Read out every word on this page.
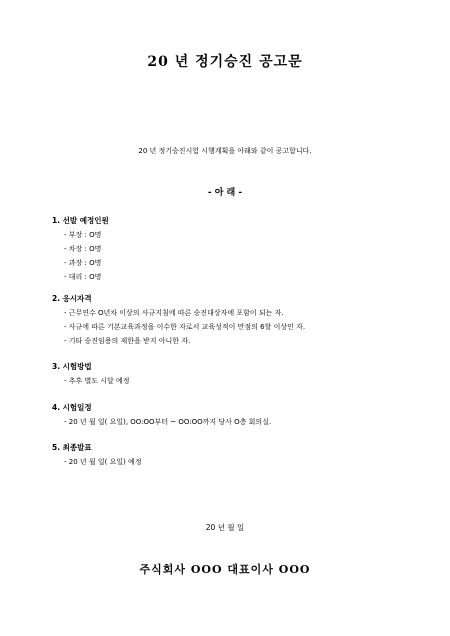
20 년 정기승진 공고문
20 년 정기승진시험 시행계획을 아래와 같이 공고합니다.
- 아 래 -
1. 선발 예정인원
- 부장 : O명
- 차장 : O명
- 과장 : O명
- 대리 : O명
2. 응시자격
- 근무연수 O년차 이상의 사규지침에 따른 승진대상자에 포함이 되는 자.
- 사규에 따른 기본교육과정을 이수한 자로서 교육성적이 만점의 6할 이상인 자.
- 기타 승진임용의 제한을 받지 아니한 자.
3. 시험방법
- 추후 별도 시달 예정
4. 시험일정
- 20 년 월 일( 요일), OO:OO부터 ~ OO:OO까지 당사 O층 회의실.
5. 최종발표
- 20 년 월 일( 요일) 예정
20 년 월 일
주식회사 OOO 대표이사 OOO
